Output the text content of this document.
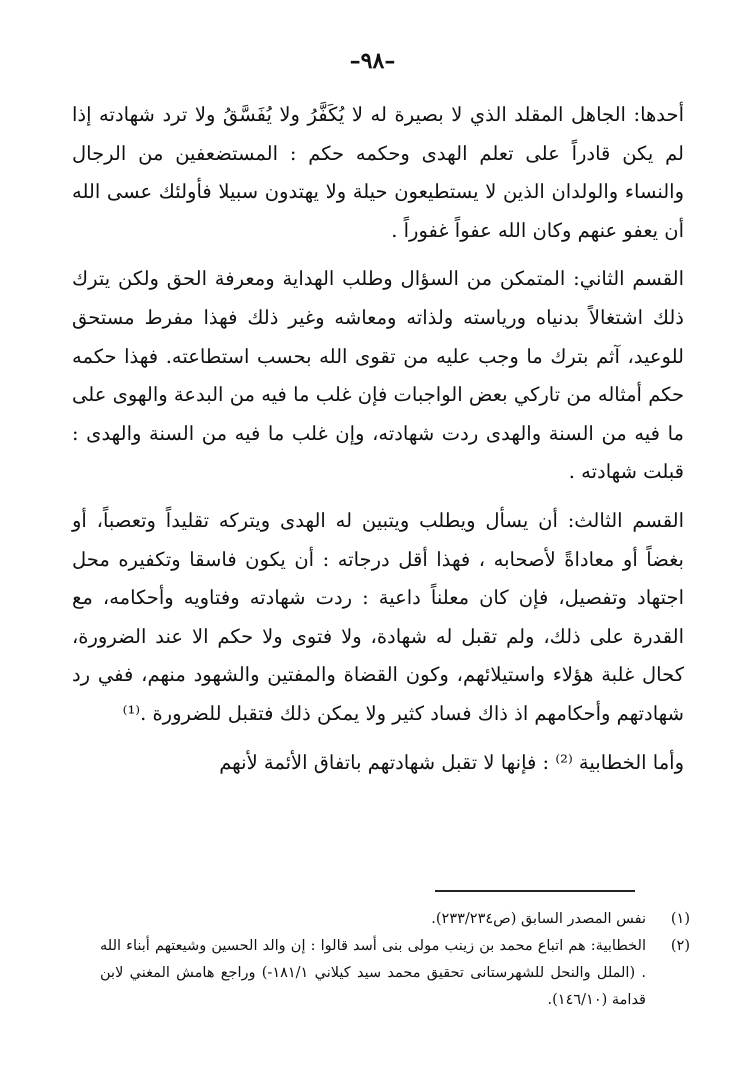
–٩٨–

أحدها: الجاهل المقلد الذي لا بصيرة له لا يُكَفَّرُ ولا يُفَسَّقُ ولا ترد شهادته إذا لم يكن قادراً على تعلم الهدى وحكمه حكم : المستضعفين من الرجال والنساء والولدان الذين لا يستطيعون حيلة ولا يهتدون سبيلا فأولئك عسى الله أن يعفو عنهم وكان الله عفواً غفوراً .

القسم الثاني: المتمكن من السؤال وطلب الهداية ومعرفة الحق ولكن يترك ذلك اشتغالاً بدنياه ورياسته ولذاته ومعاشه وغير ذلك فهذا مفرط مستحق للوعيد، آثم بترك ما وجب عليه من تقوى الله بحسب استطاعته. فهذا حكمه حكم أمثاله من تاركي بعض الواجبات فإن غلب ما فيه من البدعة والهوى على ما فيه من السنة والهدى ردت شهادته، وإن غلب ما فيه من السنة والهدى : قبلت شهادته .

القسم الثالث: أن يسأل ويطلب ويتبين له الهدى ويتركه تقليداً وتعصباً، أو بغضاً أو معاداةً لأصحابه ، فهذا أقل درجاته : أن يكون فاسقا وتكفيره محل اجتهاد وتفصيل، فإن كان معلناً داعية : ردت شهادته وفتاويه وأحكامه، مع القدرة على ذلك، ولم تقبل له شهادة، ولا فتوى ولا حكم الا عند الضرورة، كحال غلبة هؤلاء واستيلائهم، وكون القضاة والمفتين والشهود منهم، ففي رد شهادتهم وأحكامهم اذ ذاك فساد كثير ولا يمكن ذلك فتقبل للضرورة .⁽¹⁾

وأما الخطابية ⁽²⁾ : فإنها لا تقبل شهادتهم باتفاق الأئمة لأنهم

(١)
نفس المصدر السابق (ص٢٣٣/٢٣٤).
(٢)
الخطابية: هم اتباع محمد بن زينب مولى بنى أسد قالوا : إن والد الحسين وشيعتهم أبناء الله . (الملل والنحل للشهرستانى تحقيق محمد سيد كيلاني ١٨١/١-) وراجع هامش المغني لابن قدامة (١٤٦/١٠).
